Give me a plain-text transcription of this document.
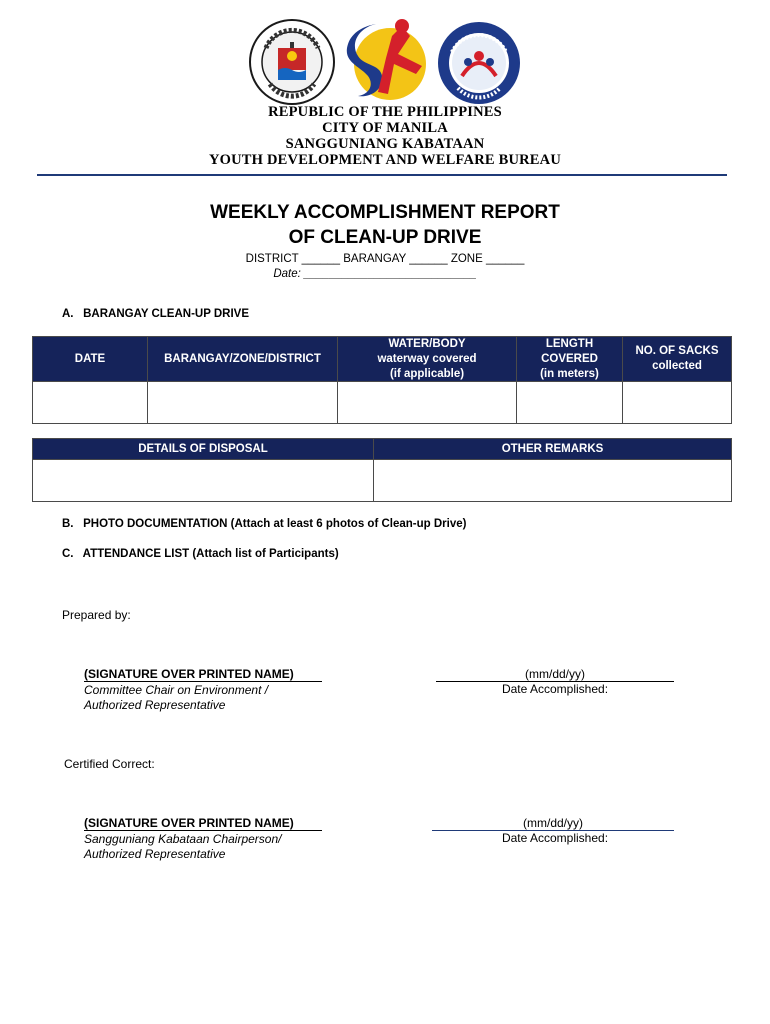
REPUBLIC OF THE PHILIPPINES
CITY OF MANILA
SANGGUNIANG KABATAAN
YOUTH DEVELOPMENT AND WELFARE BUREAU
WEEKLY ACCOMPLISHMENT REPORT
OF CLEAN-UP DRIVE
DISTRICT ______ BARANGAY ______ ZONE ______
Date: ___________________________
A. BARANGAY CLEAN-UP DRIVE
DATE	BARANGAY/ZONE/DISTRICT
WATER/BODY
waterway covered
(if applicable)
LENGTH
COVERED
(in meters)
NO. OF SACKS
collected
DETAILS OF DISPOSAL	OTHER REMARKS
B. PHOTO DOCUMENTATION (Attach at least 6 photos of Clean-up Drive)
C. ATTENDANCE LIST (Attach list of Participants)
Prepared by:
(SIGNATURE OVER PRINTED NAME)
Committee Chair on Environment /
Authorized Representative
(mm/dd/yy)
Date Accomplished:
Certified Correct:
(SIGNATURE OVER PRINTED NAME)
Sangguniang Kabataan Chairperson/
Authorized Representative
(mm/dd/yy)
Date Accomplished:
